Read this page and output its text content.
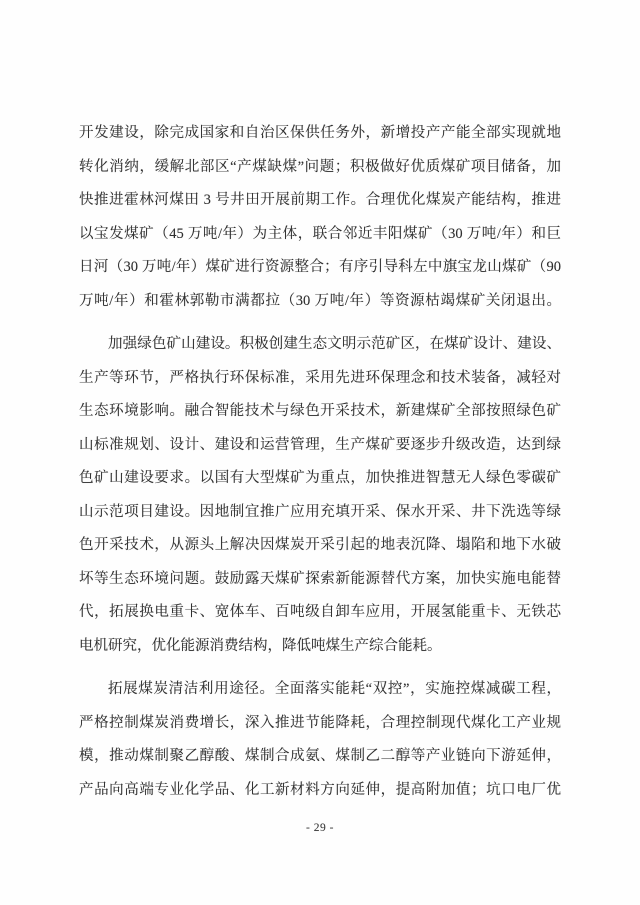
开发建设，除完成国家和自治区保供任务外，新增投产产能全部实现就地
转化消纳，缓解北部区“产煤缺煤”问题；积极做好优质煤矿项目储备，加
快推进霍林河煤田 3 号井田开展前期工作。合理优化煤炭产能结构，推进
以宝发煤矿（45 万吨/年）为主体，联合邻近丰阳煤矿（30 万吨/年）和巨
日河（30 万吨/年）煤矿进行资源整合；有序引导科左中旗宝龙山煤矿（90
万吨/年）和霍林郭勒市满都拉（30 万吨/年）等资源枯竭煤矿关闭退出。
加强绿色矿山建设。积极创建生态文明示范矿区，在煤矿设计、建设、
生产等环节，严格执行环保标准，采用先进环保理念和技术装备，减轻对
生态环境影响。融合智能技术与绿色开采技术，新建煤矿全部按照绿色矿
山标准规划、设计、建设和运营管理，生产煤矿要逐步升级改造，达到绿
色矿山建设要求。以国有大型煤矿为重点，加快推进智慧无人绿色零碳矿
山示范项目建设。因地制宜推广应用充填开采、保水开采、井下洗选等绿
色开采技术，从源头上解决因煤炭开采引起的地表沉降、塌陷和地下水破
坏等生态环境问题。鼓励露天煤矿探索新能源替代方案，加快实施电能替
代，拓展换电重卡、宽体车、百吨级自卸车应用，开展氢能重卡、无铁芯
电机研究，优化能源消费结构，降低吨煤生产综合能耗。
拓展煤炭清洁利用途径。全面落实能耗“双控”，实施控煤减碳工程，
严格控制煤炭消费增长，深入推进节能降耗，合理控制现代煤化工产业规
模，推动煤制聚乙醇酸、煤制合成氨、煤制乙二醇等产业链向下游延伸，
产品向高端专业化学品、化工新材料方向延伸，提高附加值；坑口电厂优
- 29 -
